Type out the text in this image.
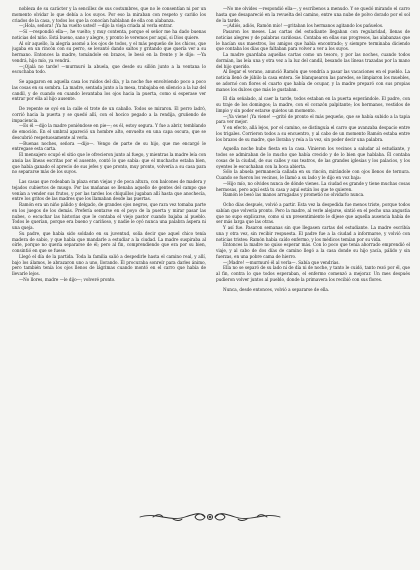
nobleza de su carácter y la sencillez de sus costumbres, que no le consentían ni por un momento olvidar lo que debía a los suyos. Por eso la miraban con respeto y cariño los criados de la casa, y todos los que la conocían hablaban de ella con alabanza.

—¡Hola, señora! ¡Ya ha vuelto usted! —dijo la vieja criada al verla entrar.

—Sí —respondió ella—, he vuelto; y muy contenta, porque el señor me ha dado buenas noticias del niño. Está bueno, sano y alegre, y pronto le veremos por aquí, si Dios quiere.

Al oír aquello, la alegría asomó a los ojos de todos, y el más pequeño de los chicos, que jugaba en un rincón con su perro, se levantó dando saltos y gritando que quería ver a su hermano. Entonces la madre, tomándole en brazos, le besó en la frente y le dijo: —Ya vendrá, hijo mío, ya vendrá.

—¡Ojalá no tarde! —murmuró la abuela, que desde su sillón junto a la ventana lo escuchaba todo.

Se apagaron en aquella casa los ruidos del día, y la noche fue envolviendo poco a poco las cosas en su sombra. La madre, sentada junto a la mesa, trabajaba en silencio a la luz del candil, y de cuando en cuando levantaba los ojos hacia la puerta, como si esperase ver entrar por ella al hijo ausente.

De repente se oyó en la calle el trote de un caballo. Todos se miraron. El perro ladró, corrió hacia la puerta y se quedó allí, con el hocico pegado a la rendija, gruñendo de impaciencia.

—Es él —dijo la madre poniéndose en pie—; es él, estoy segura. Y fue a abrir, temblando de emoción. En el umbral apareció un hombre alto, envuelto en una capa oscura, que se descubrió respetuosamente al verla.

—Buenas noches, señora —dijo—. Vengo de parte de su hijo, que me encargó le entregase esta carta.

El mensajero ocupó el sitio que le ofrecieron junto al fuego, y mientras la madre leía con ansia las líneas escritas por el ausente, contó lo que sabía: que el muchacho estaba bien, que había ganado el aprecio de sus jefes y que pronto, muy pronto, volvería a su casa para no separarse más de los suyos.

Las casas que rodeaban la plaza eran viejas y de poca altura, con balcones de madera y tejados cubiertos de musgo. Por las mañanas se llenaba aquello de gentes del campo que venían a vender sus frutos, y por las tardes los chiquillos jugaban allí hasta que anochecía, entre los gritos de las madres que los llamaban desde las puertas.

Ramón era un niño pálido y delgado, de grandes ojos negros, que rara vez tomaba parte en los juegos de los demás. Prefería sentarse en el poyo de la puerta y mirar pasar las nubes, o escuchar las historias que le contaba el viejo pastor cuando bajaba al pueblo. Todos le querían, porque era bueno y cariñoso, y nadie le oyó nunca una palabra áspera ni una queja.

Su padre, que había sido soldado en su juventud, solía decir que aquel chico tenía madera de sabio, y que había que mandarle a estudiar a la ciudad. La madre suspiraba al oírle, porque no quería separarse de él; pero al fin, comprendiendo que era por su bien, consintió en que se fuese.

Llegó el día de la partida. Toda la familia salió a despedirle hasta el camino real, y allí, bajo los álamos, le abrazaron uno a uno, llorando. Él procuraba sonreír para darles ánimo, pero también tenía los ojos llenos de lágrimas cuando montó en el carro que había de llevarle lejos.

—No llores, madre —le dijo—; volveré pronto.

—No me olvides —respondió ella—, y escríbenos a menudo. Y se quedó mirando el carro hasta que desapareció en la revuelta del camino, entre una nube de polvo dorado por el sol de la tarde.

—¡Adiós, adiós, Ramón mío! —gritaban los hermanos agitando los pañuelos.

Pasaron los meses. Las cartas del estudiante llegaban con regularidad, llenas de noticias alegres y de palabras cariñosas. Contaba en ellas sus progresos, las alabanzas que le hacían sus maestros, los amigos que había encontrado; y siempre terminaba diciendo que contaba los días que faltaban para volver a ver a los suyos.

La madre guardaba aquellas cartas como un tesoro, y por las noches, cuando todos dormían, las leía una y otra vez a la luz del candil, besando las líneas trazadas por la mano del hijo querido.

Al llegar el verano, anunció Ramón que vendría a pasar las vacaciones en el pueblo. La noticia llenó de júbilo la casa entera. Se blanquearon las paredes, se limpiaron los muebles, se adornó con flores el cuarto que había de ocupar, y la madre preparó con sus propias manos los dulces que más le gustaban.

El día señalado, al caer la tarde, todos estaban en la puerta esperándole. El padre, con su traje de los domingos; la madre, con el corazón palpitante; los hermanos, vestidos de limpio y sin poder estarse quietos un momento.

—¡Ya viene! ¡Ya viene! —gritó de pronto el más pequeño, que se había subido a la tapia para ver mejor.

Y en efecto, allá lejos, por el camino, se distinguía el carro que avanzaba despacio entre los trigales. Corrieron todos a su encuentro, y al cabo de un momento Ramón estaba entre los brazos de su madre, que lloraba y reía a la vez, sin poder decir una palabra.

Aquella noche hubo fiesta en la casa. Vinieron los vecinos a saludar al estudiante, y todos se admiraban de lo mucho que había crecido y de lo bien que hablaba. Él contaba cosas de la ciudad, de sus calles y sus teatros, de las grandes iglesias y los palacios, y los oyentes le escuchaban con la boca abierta.

Sólo la abuela permanecía callada en su rincón, mirándole con ojos llenos de ternura. Cuando se fueron los vecinos, le llamó a su lado y le dijo en voz baja:

—Hijo mío, no olvides nunca de dónde vienes. La ciudad es grande y tiene muchas cosas hermosas, pero aquí está tu casa y aquí están los que te quieren.

Ramón le besó las manos arrugadas y prometió no olvidarlo nunca.

Ocho días después, volvió a partir. Esta vez la despedida fue menos triste, porque todos sabían que volvería pronto. Pero la madre, al verle alejarse, sintió en el pecho una angustia que no supo explicarse, como si un presentimiento le dijese que aquella ausencia había de ser más larga que las otras.

Y así fue. Pasaron semanas sin que llegasen cartas del estudiante. La madre escribía una y otra vez, sin recibir respuesta. El padre fue a la ciudad a informarse, y volvió con noticias tristes: Ramón había caído enfermo, y los médicos temían por su vida.

Entonces la madre no quiso esperar más. Con lo poco que tenía ahorrado emprendió el viaje, y al cabo de dos días de camino llegó a la casa donde su hijo yacía, pálido y sin fuerzas, en una pobre cama de hierro.

—¡Madre! —murmuró él al verla—. Sabía que vendrías.

Ella no se separó de su lado ni de día ni de noche, y tanto le cuidó, tanto rezó por él, que al fin, contra lo que todos esperaban, el enfermo comenzó a mejorar. Un mes después pudieron volver juntos al pueblo, donde la primavera los recibió con sus flores.

Nunca, desde entonces, volvió a separarse de ella.
